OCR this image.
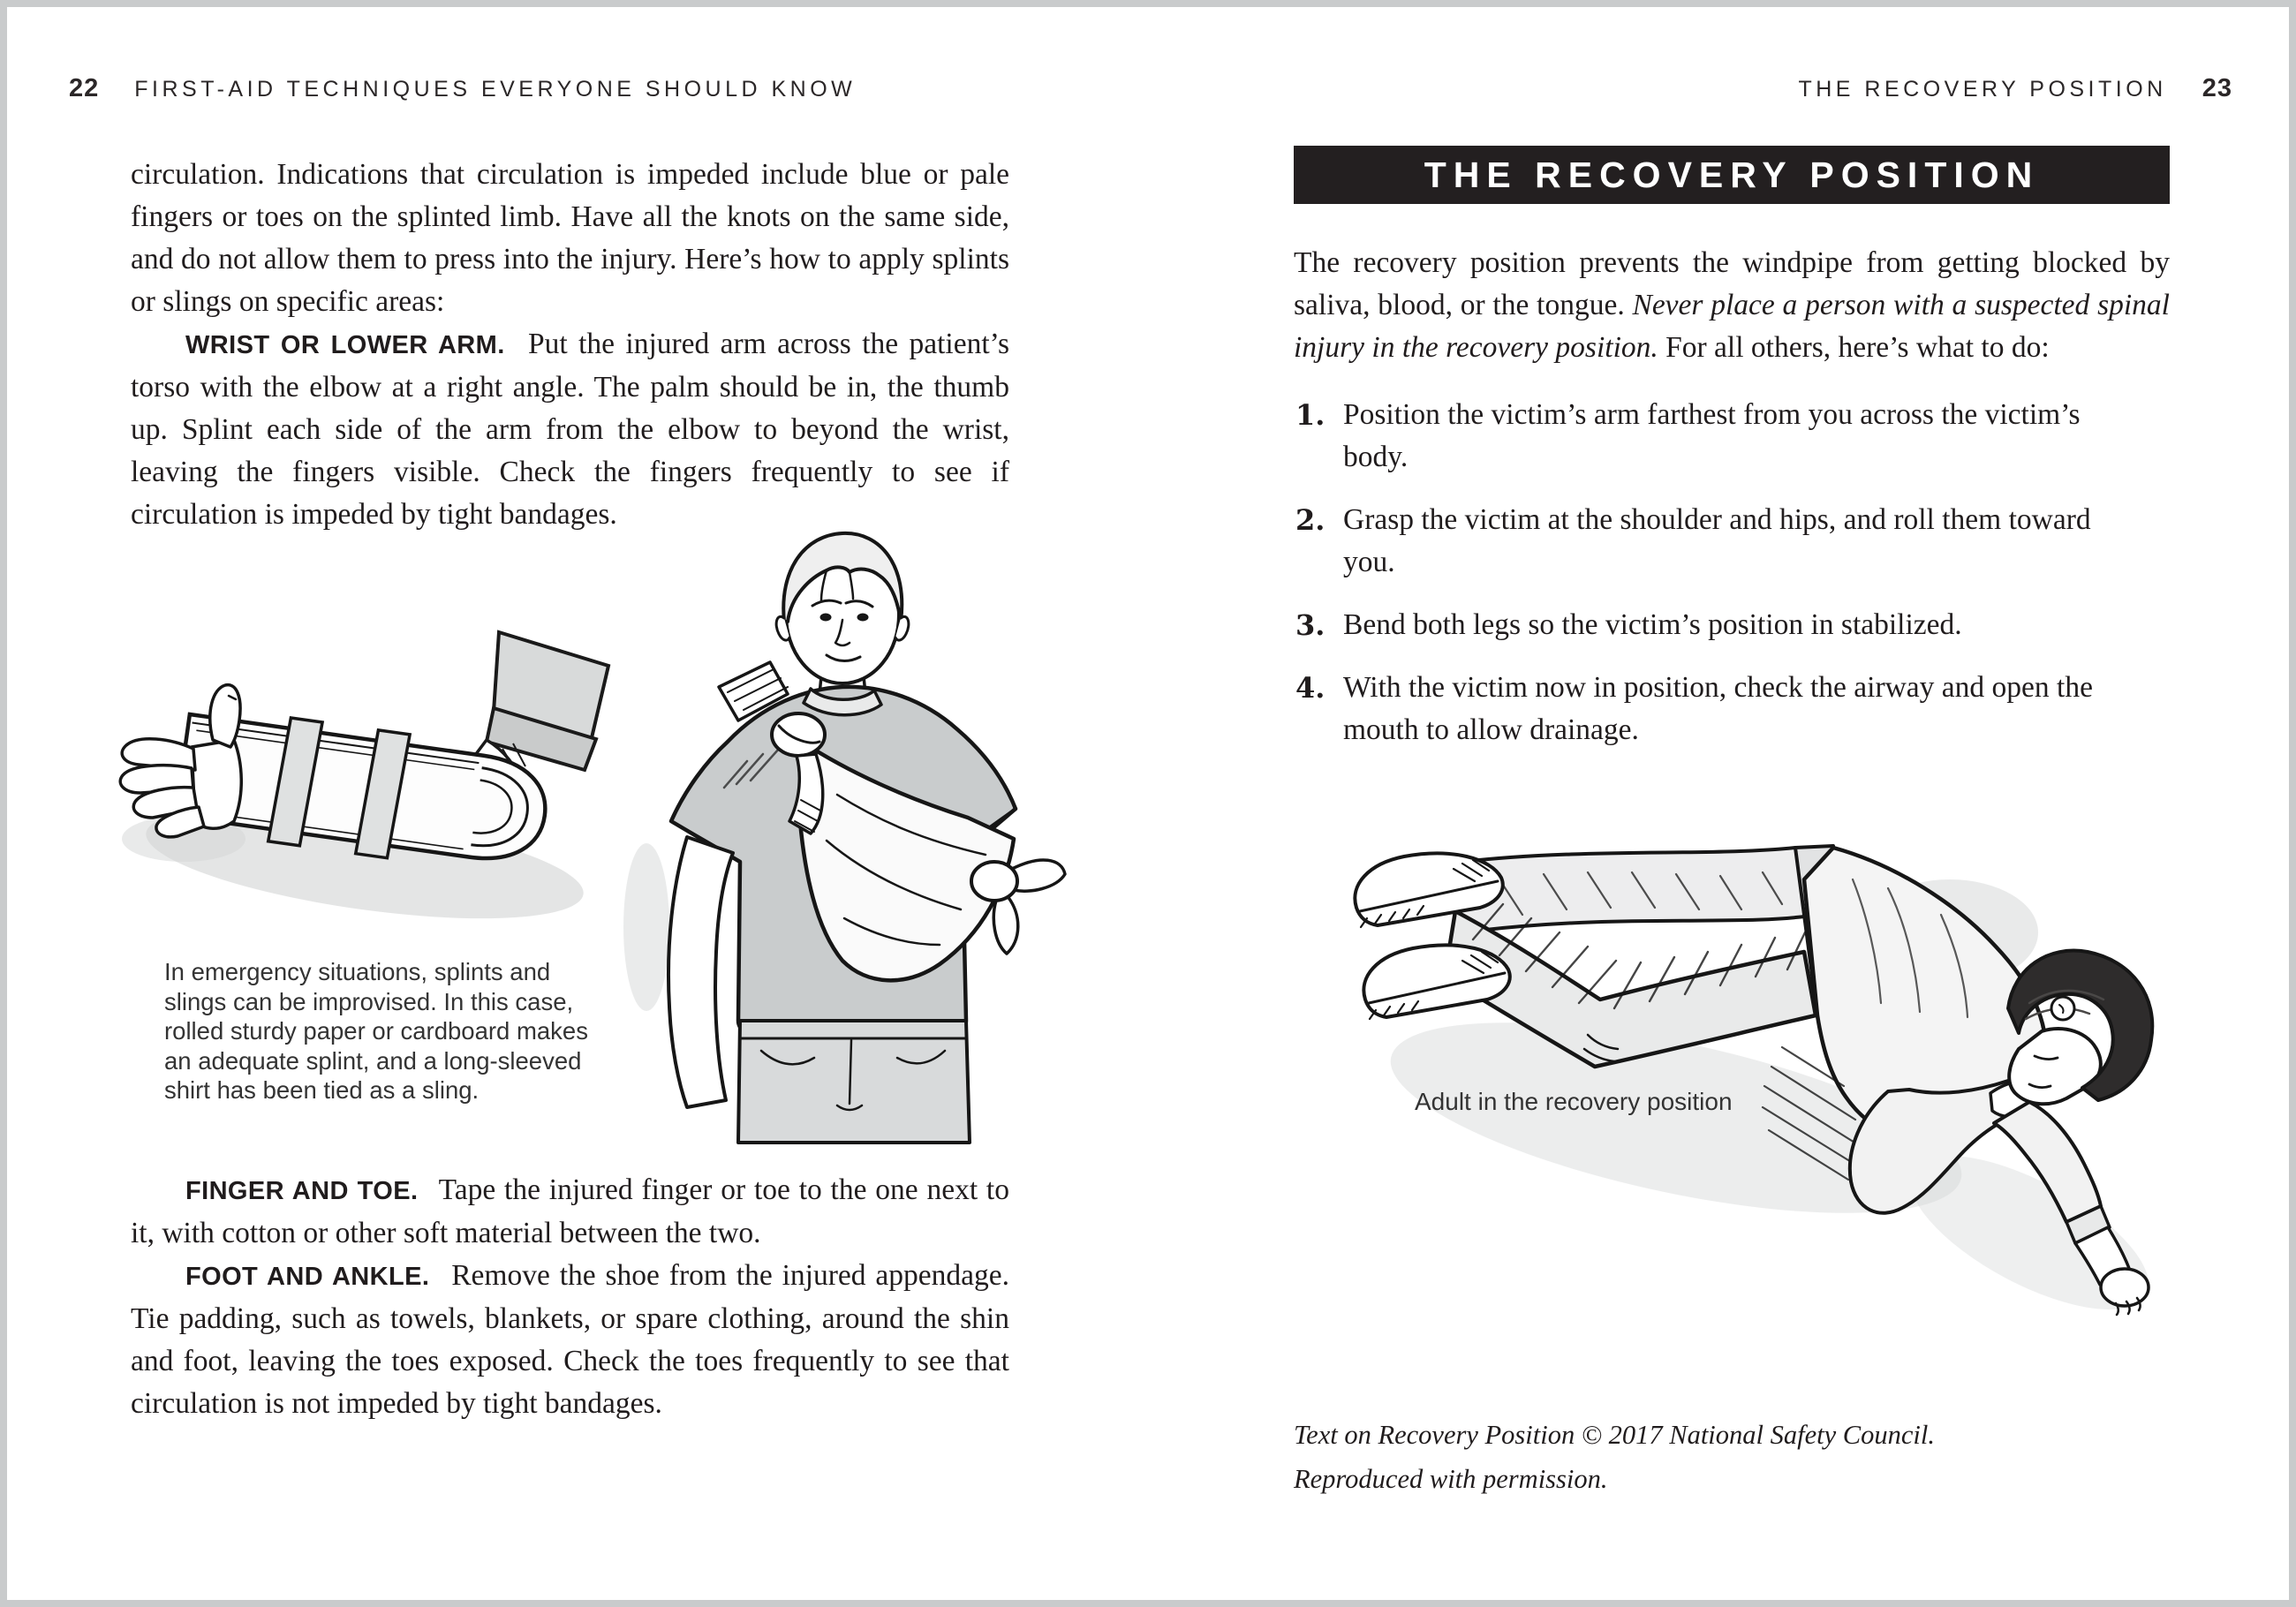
22 FIRST-AID TECHNIQUES EVERYONE SHOULD KNOW	THE RECOVERY POSITION 23

circulation. Indications that circulation is impeded include blue or pale fingers or toes on the splinted limb. Have all the knots on the same side, and do not allow them to press into the injury. Here’s how to apply splints or slings on specific areas:

WRIST OR LOWER ARM. Put the injured arm across the patient’s torso with the elbow at a right angle. The palm should be in, the thumb up. Splint each side of the arm from the elbow to beyond the wrist, leaving the fingers visible. Check the fingers frequently to see if circulation is impeded by tight bandages.

In emergency situations, splints and slings can be improvised. In this case, rolled sturdy paper or cardboard makes an adequate splint, and a long-sleeved shirt has been tied as a sling.

FINGER AND TOE. Tape the injured finger or toe to the one next to it, with cotton or other soft material between the two.

FOOT AND ANKLE. Remove the shoe from the injured appendage. Tie padding, such as towels, blankets, or spare clothing, around the shin and foot, leaving the toes exposed. Check the toes frequently to see that circulation is not impeded by tight bandages.

THE RECOVERY POSITION

The recovery position prevents the windpipe from getting blocked by saliva, blood, or the tongue. Never place a person with a suspected spinal injury in the recovery position. For all others, here’s what to do:

1. Position the victim’s arm farthest from you across the victim’s body.
2. Grasp the victim at the shoulder and hips, and roll them toward you.
3. Bend both legs so the victim’s position in stabilized.
4. With the victim now in position, check the airway and open the mouth to allow drainage.
Adult in the recovery position
Text on Recovery Position © 2017 National Safety Council.
Reproduced with permission.
